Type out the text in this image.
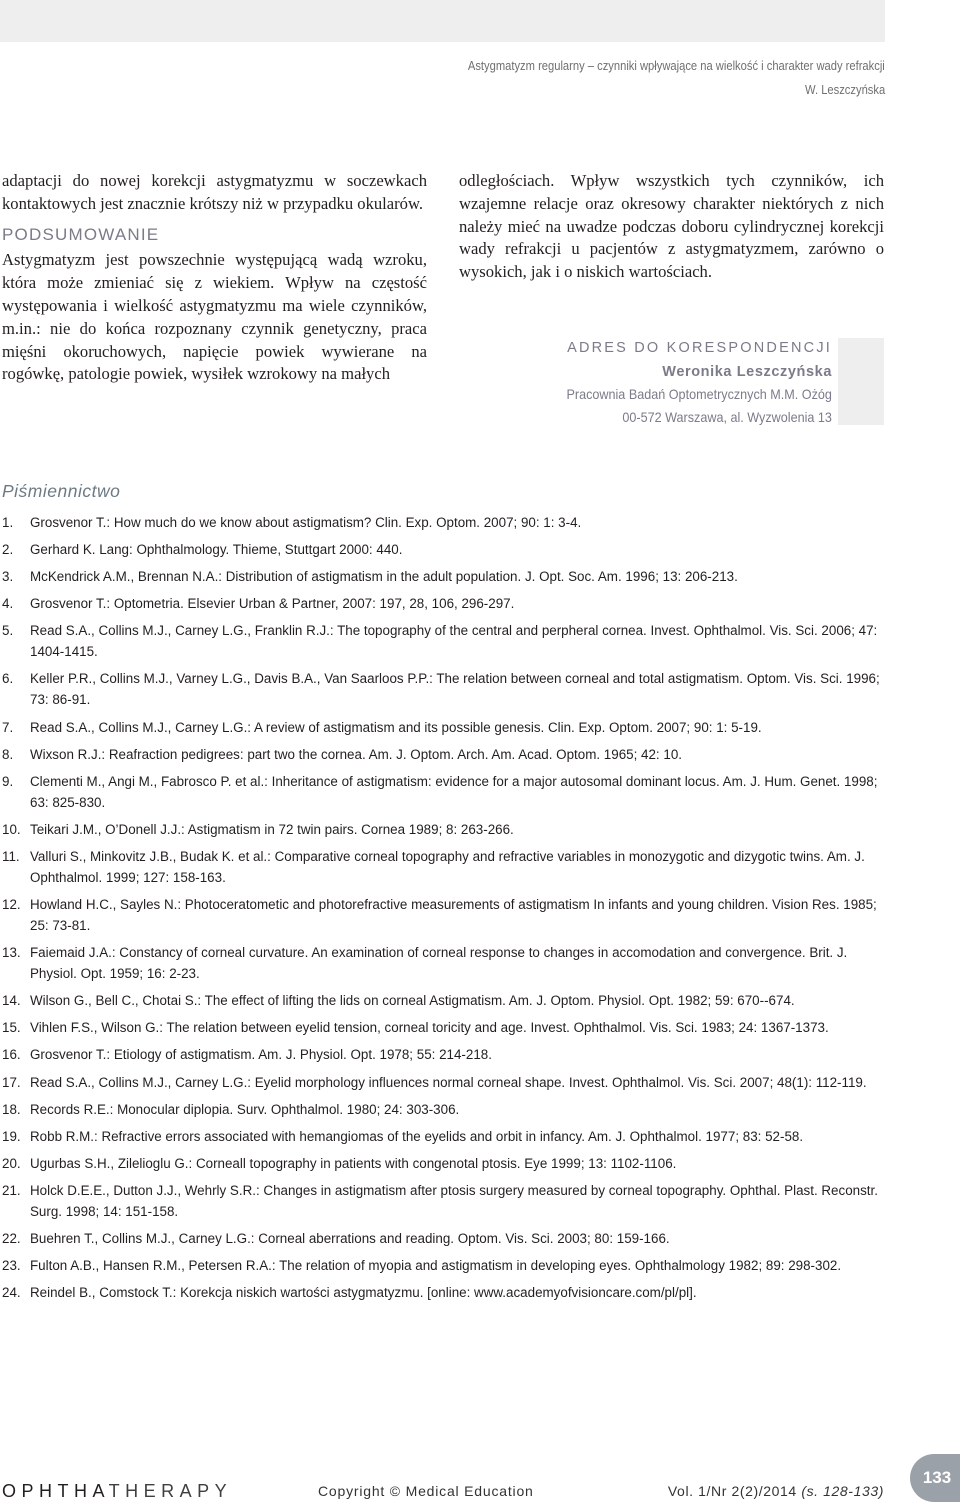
Astygmatyzm regularny – czynniki wpływające na wielkość i charakter wady refrakcji
W. Leszczyńska

adaptacji do nowej korekcji astygmatyzmu w soczewkach kontaktowych jest znacznie krótszy niż w przypadku okularów.

PODSUMOWANIE

Astygmatyzm jest powszechnie występującą wadą wzroku, która może zmieniać się z wiekiem. Wpływ na częstość występowania i wielkość astygmatyzmu ma wiele czynników, m.in.: nie do końca rozpoznany czynnik genetyczny, praca mięśni okoruchowych, napięcie powiek wywierane na rogówkę, patologie powiek, wysiłek wzrokowy na małych

odległościach. Wpływ wszystkich tych czynników, ich wzajemne relacje oraz okresowy charakter niektórych z nich należy mieć na uwadze podczas doboru cylindrycznej korekcji wady refrakcji u pacjentów z astygmatyzmem, zarówno o wysokich, jak i o niskich wartościach.

ADRES DO KORESPONDENCJI
Weronika Leszczyńska
Pracownia Badań Optometrycznych M.M. Ożóg
00-572 Warszawa, al. Wyzwolenia 13
Piśmiennictwo
1. Grosvenor T.: How much do we know about astigmatism? Clin. Exp. Optom. 2007; 90: 1: 3-4.
2. Gerhard K. Lang: Ophthalmology. Thieme, Stuttgart 2000: 440.
3. McKendrick A.M., Brennan N.A.: Distribution of astigmatism in the adult population. J. Opt. Soc. Am. 1996; 13: 206-213.
4. Grosvenor T.: Optometria. Elsevier Urban & Partner, 2007: 197, 28, 106, 296-297.
5. Read S.A., Collins M.J., Carney L.G., Franklin R.J.: The topography of the central and perpheral cornea. Invest. Ophthalmol. Vis. Sci. 2006; 47: 1404-1415.
6. Keller P.R., Collins M.J., Varney L.G., Davis B.A., Van Saarloos P.P.: The relation between corneal and total astigmatism. Optom. Vis. Sci. 1996; 73: 86-91.
7. Read S.A., Collins M.J., Carney L.G.: A review of astigmatism and its possible genesis. Clin. Exp. Optom. 2007; 90: 1: 5-19.
8. Wixson R.J.: Reafraction pedigrees: part two the cornea. Am. J. Optom. Arch. Am. Acad. Optom. 1965; 42: 10.
9. Clementi M., Angi M., Fabrosco P. et al.: Inheritance of astigmatism: evidence for a major autosomal dominant locus. Am. J. Hum. Genet. 1998; 63: 825-830.
10. Teikari J.M., O’Donell J.J.: Astigmatism in 72 twin pairs. Cornea 1989; 8: 263-266.
11. Valluri S., Minkovitz J.B., Budak K. et al.: Comparative corneal topography and refractive variables in monozygotic and dizygotic twins. Am. J. Ophthalmol. 1999; 127: 158-163.
12. Howland H.C., Sayles N.: Photoceratometic and photorefractive measurements of astigmatism In infants and young children. Vision Res. 1985; 25: 73-81.
13. Faiemaid J.A.: Constancy of corneal curvature. An examination of corneal response to changes in accomodation and convergence. Brit. J. Physiol. Opt. 1959; 16: 2-23.
14. Wilson G., Bell C., Chotai S.: The effect of lifting the lids on corneal Astigmatism. Am. J. Optom. Physiol. Opt. 1982; 59: 670--674.
15. Vihlen F.S., Wilson G.: The relation between eyelid tension, corneal toricity and age. Invest. Ophthalmol. Vis. Sci. 1983; 24: 1367-1373.
16. Grosvenor T.: Etiology of astigmatism. Am. J. Physiol. Opt. 1978; 55: 214-218.
17. Read S.A., Collins M.J., Carney L.G.: Eyelid morphology influences normal corneal shape. Invest. Ophthalmol. Vis. Sci. 2007; 48(1): 112-119.
18. Records R.E.: Monocular diplopia. Surv. Ophthalmol. 1980; 24: 303-306.
19. Robb R.M.: Refractive errors associated with hemangiomas of the eyelids and orbit in infancy. Am. J. Ophthalmol. 1977; 83: 52-58.
20. Ugurbas S.H., Zilelioglu G.: Corneall topography in patients with congenotal ptosis. Eye 1999; 13: 1102-1106.
21. Holck D.E.E., Dutton J.J., Wehrly S.R.: Changes in astigmatism after ptosis surgery measured by corneal topography. Ophthal. Plast. Reconstr. Surg. 1998; 14: 151-158.
22. Buehren T., Collins M.J., Carney L.G.: Corneal aberrations and reading. Optom. Vis. Sci. 2003; 80: 159-166.
23. Fulton A.B., Hansen R.M., Petersen R.A.: The relation of myopia and astigmatism in developing eyes. Ophthalmology 1982; 89: 298-302.
24. Reindel B., Comstock T.: Korekcja niskich wartości astygmatyzmu. [online: www.academyofvisioncare.com/pl/pl].
OPHTHATHERAPY	Copyright © Medical Education	Vol. 1/Nr 2(2)/2014 (s. 128-133)
133
